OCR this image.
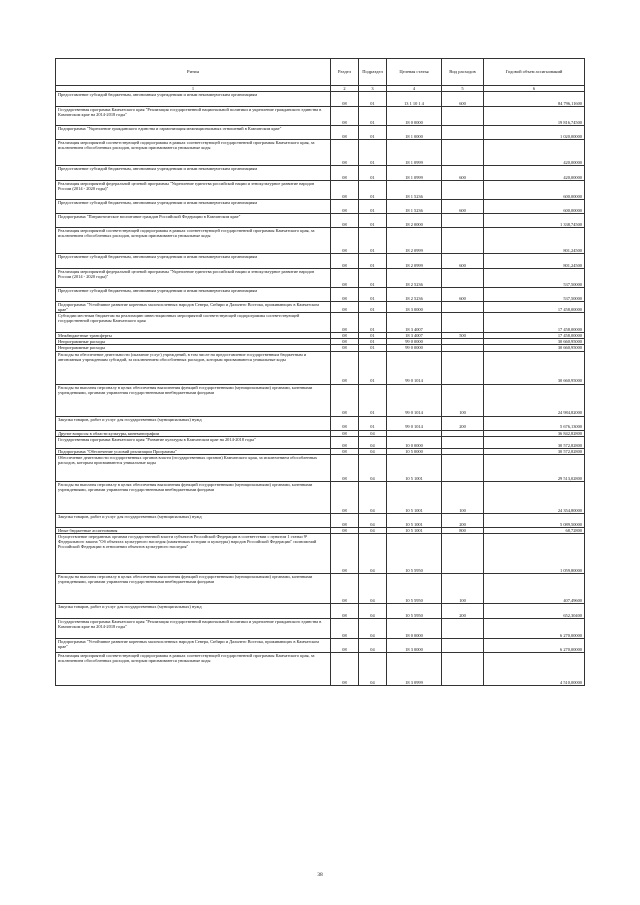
Ритин	Раздел	Подраздел	Целевая статья	Вид расходов	Годовой объем ассигнований
1	2	3	4	5	6
Предоставление субсидий бюджетным, автономным учреждениям и иным некоммерческим организациям	08	01	13 1 10 1 4	600	84 796,11600
Государственная программа Камчатского края "Реализация государственной национальной политики и укрепление гражданского единства в Камчатском крае на 2014-2018 годы"	08	01	18 0 0000		19 816,74500
Подпрограмма "Укрепление гражданского единства и гармонизация межнациональных отношений в Камчатском крае"	08	01	18 1 0000		1 020,00000
Реализация мероприятий соответствующей подпрограммы в рамках соответствующей государственной программы Камчатского края, за исключением обособленных расходов, которым присваиваются уникальные коды	08	01	18 1 0999		420,00000
Предоставление субсидий бюджетным, автономным учреждениям и иным некоммерческим организациям	08	01	18 1 0999	600	420,00000
Реализация мероприятий федеральной целевой программы "Укрепление единства российской нации и этнокультурное развитие народов России (2014 - 2020 годы)"	08	01	18 1 5236		600,00000
Предоставление субсидий бюджетным, автономным учреждениям и иным некоммерческим организациям	08	01	18 1 5236	600	600,00000
Подпрограмма "Патриотическое воспитание граждан Российской Федерации в Камчатском крае"	08	01	18 2 0000		1 338,74500
Реализация мероприятий соответствующей подпрограммы в рамках соответствующей государственной программы Камчатского края, за исключением обособленных расходов, которым присваиваются уникальные коды	08	01	18 2 0999		801,24500
Предоставление субсидий бюджетным, автономным учреждениям и иным некоммерческим организациям	08	01	18 2 0999	600	801,24500
Реализация мероприятий федеральной целевой программы "Укрепление единства российской нации и этнокультурное развитие народов России (2014 - 2020 годы)"	08	01	18 2 5236		537,50000
Предоставление субсидий бюджетным, автономным учреждениям и иным некоммерческим организациям	08	01	18 2 5236	600	537,50000
Подпрограмма "Устойчивое развитие коренных малочисленных народов Севера, Сибири и Дальнего Востока, проживающих в Камчатском крае"	08	01	18 3 0000		17 458,00000
Субсидии местным бюджетам на реализацию инвестиционных мероприятий соответствующей подпрограммы соответствующей государственной программы Камчатского края	08	01	18 3 4007		17 458,00000
Межбюджетные трансферты	08	01	18 3 4007	500	17 458,00000
Непрограммные расходы	08	01	99 0 0000		30 660,95000
Непрограммные расходы	08	01	99 0 0000		30 660,95000
Расходы на обеспечение деятельности (оказание услуг) учреждений, в том числе на предоставление государственным бюджетным и автономным учреждениям субсидий, за исключением обособленных расходов, которым присваиваются уникальные коды	08	01	99 0 1014		30 660,95000
Расходы на выплаты персоналу в целях обеспечения выполнения функций государственными (муниципальными) органами, казенными учреждениями, органами управления государственными внебюджетными фондами	08	01	99 0 1014	100	24 984,82000
Закупка товаров, работ и услуг для государственных (муниципальных) нужд	08	01	99 0 1014	200	5 676,13000
Другие вопросы в области культуры, кинематографии	08	04			36 842,82800
Государственная программа Камчатского края "Развитие культуры в Камчатском крае на 2014-2018 годы"	08	04	10 0 0000		30 572,82800
Подпрограмма "Обеспечение условий реализации Программы"	08	04	10 5 0000		30 572,82800
Обеспечение деятельности государственных органов власти (государственных органов) Камчатского края, за исключением обособленных расходов, которым присваиваются уникальные коды	08	04	10 5 1001		29 513,02800
Расходы на выплаты персоналу в целях обеспечения выполнения функций государственными (муниципальными) органами, казенными учреждениями, органами управления государственными внебюджетными фондами	08	04	10 5 1001	100	24 354,80000
Закупка товаров, работ и услуг для государственных (муниципальных) нужд	08	04	10 5 1001	200	5 089,50000
Иные бюджетные ассигнования	08	04	10 5 1001	800	68,72800
Осуществление переданных органам государственной власти субъектов Российской Федерации в соответствии с пунктом 1 статьи 9¹ Федерального закона "Об объектах культурного наследия (памятниках истории и культуры) народов Российской Федерации" полномочий Российской Федерации в отношении объектов культурного наследия"	08	04	10 5 5950		1 059,80000
Расходы на выплаты персоналу в целях обеспечения выполнения функций государственными (муниципальными) органами, казенными учреждениями, органами управления государственными внебюджетными фондами	08	04	10 5 5950	100	407,49600
Закупка товаров, работ и услуг для государственных (муниципальных) нужд	08	04	10 5 5950	200	652,30400
Государственная программа Камчатского края "Реализация государственной национальной политики и укрепление гражданского единства в Камчатском крае на 2014-2018 годы"	08	04	18 0 0000		6 270,00000
Подпрограмма "Устойчивое развитие коренных малочисленных народов Севера, Сибири и Дальнего Востока, проживающих в Камчатском крае"	08	04	18 3 0000		6 270,00000
Реализация мероприятий соответствующей подпрограммы в рамках соответствующей государственной программы Камчатского края, за исключением обособленных расходов, которым присваиваются уникальные коды	08	04	18 3 0999		4 510,00000
38
